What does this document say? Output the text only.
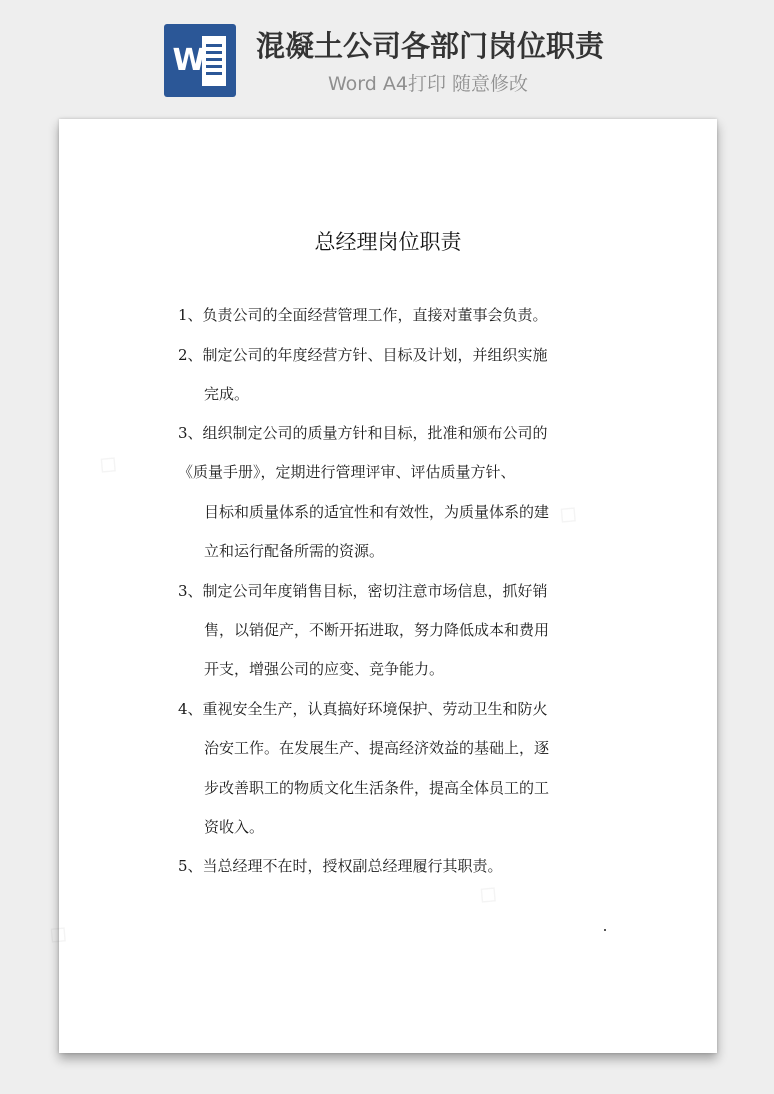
W 混凝土公司各部门岗位职责
Word A4打印 随意修改
◇
◇
◇
◇
总经理岗位职责
1、负责公司的全面经营管理工作，直接对董事会负责。
2、制定公司的年度经营方针、目标及计划，并组织实施
完成。
3、组织制定公司的质量方针和目标，批准和颁布公司的
《质量手册》，定期进行管理评审、评估质量方针、
目标和质量体系的适宜性和有效性，为质量体系的建
立和运行配备所需的资源。
3、制定公司年度销售目标，密切注意市场信息，抓好销
售，以销促产，不断开拓进取，努力降低成本和费用
开支，增强公司的应变、竞争能力。
4、重视安全生产，认真搞好环境保护、劳动卫生和防火
治安工作。在发展生产、提高经济效益的基础上，逐
步改善职工的物质文化生活条件，提高全体员工的工
资收入。
5、当总经理不在时，授权副总经理履行其职责。
